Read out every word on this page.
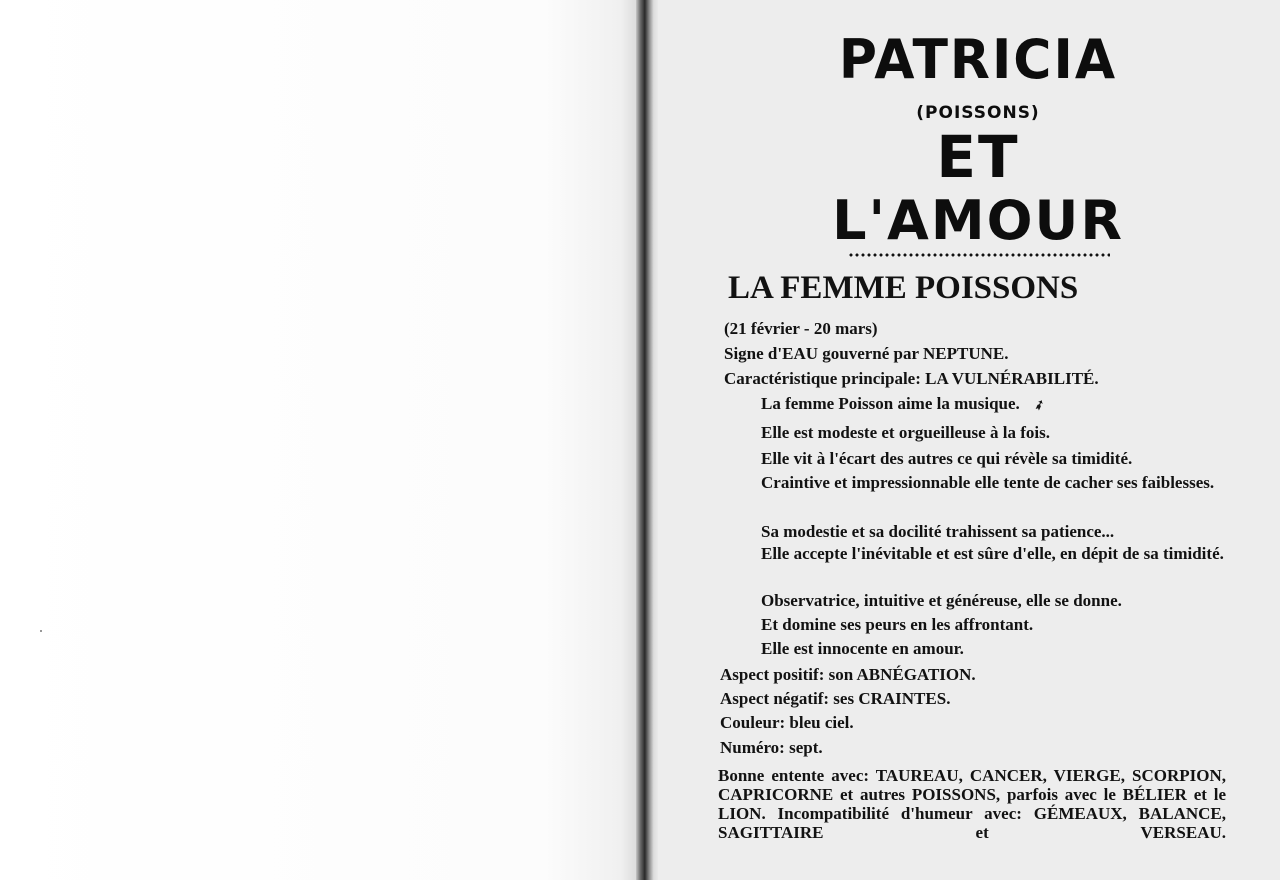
PATRICIA
(POISSONS)
ET
L'AMOUR
LA FEMME POISSONS
(21 février - 20 mars)
Signe d'EAU gouverné par NEPTUNE.
Caractéristique principale: LA VULNÉRABILITÉ.
La femme Poisson aime la musique. ➶
Elle est modeste et orgueilleuse à la fois.
Elle vit à l'écart des autres ce qui révèle sa timidité.
Craintive et impressionnable elle tente de cacher ses faiblesses.
Sa modestie et sa docilité trahissent sa patience...
Elle accepte l'inévitable et est sûre d'elle, en dépit de sa timidité.
Observatrice, intuitive et généreuse, elle se donne.
Et domine ses peurs en les affrontant.
Elle est innocente en amour.
Aspect positif: son ABNÉGATION.
Aspect négatif: ses CRAINTES.
Couleur: bleu ciel.
Numéro: sept.

Bonne entente avec: TAUREAU, CANCER, VIERGE, SCORPION, CAPRICORNE et autres POISSONS, parfois avec le BÉLIER et le LION. Incompatibilité d'humeur avec: GÉMEAUX, BALANCE, SAGITTAIRE et VERSEAU.
